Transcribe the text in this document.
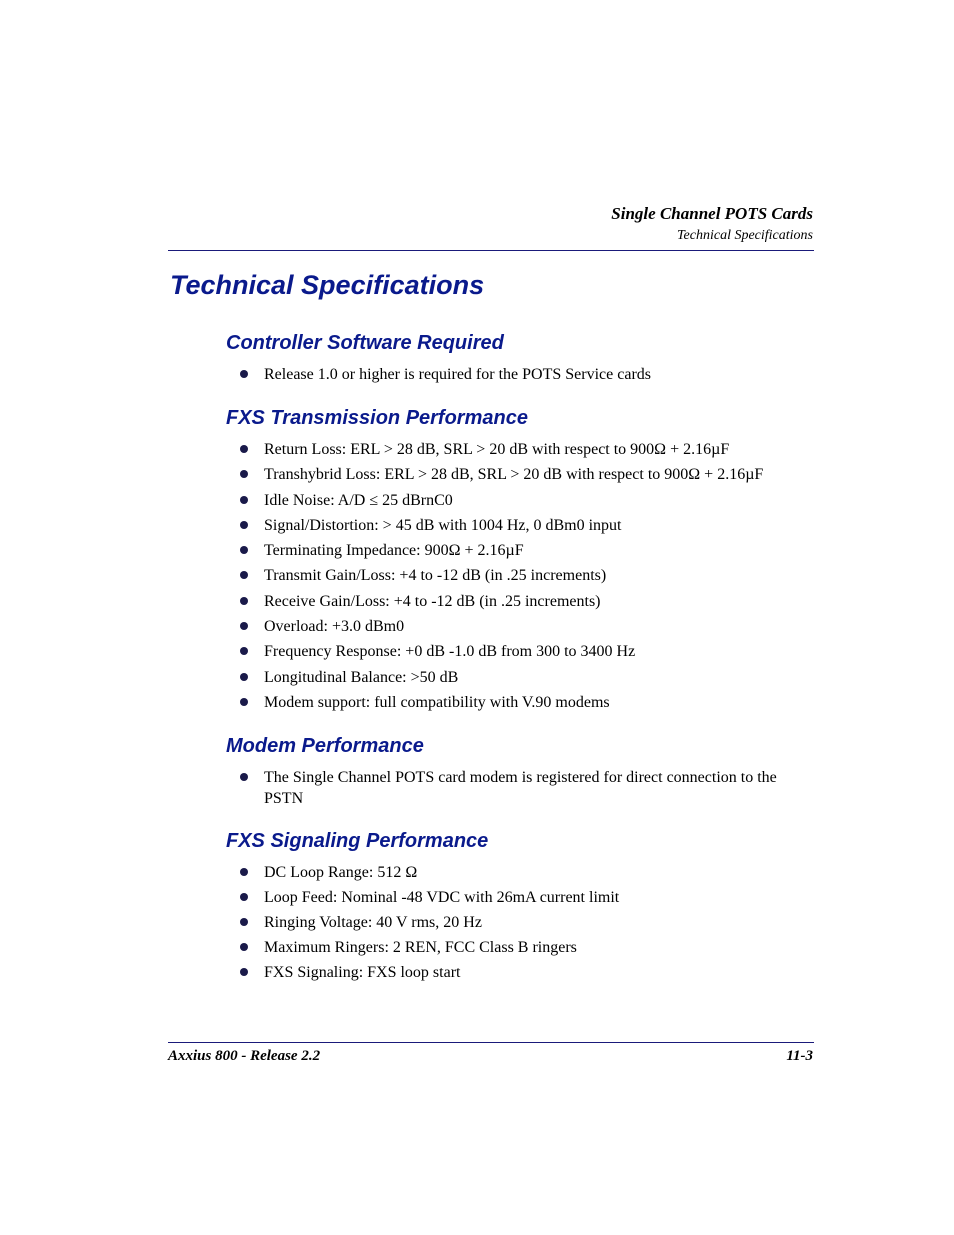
Single Channel POTS Cards
Technical Specifications
Technical Specifications
Controller Software Required
Release 1.0 or higher is required for the POTS Service cards
FXS Transmission Performance
Return Loss: ERL > 28 dB, SRL > 20 dB with respect to 900Ω + 2.16µF
Transhybrid Loss: ERL > 28 dB, SRL > 20 dB with respect to 900Ω + 2.16µF
Idle Noise: A/D ≤ 25 dBrnC0
Signal/Distortion: > 45 dB with 1004 Hz, 0 dBm0 input
Terminating Impedance: 900Ω + 2.16µF
Transmit Gain/Loss: +4 to -12 dB (in .25 increments)
Receive Gain/Loss: +4 to -12 dB (in .25 increments)
Overload: +3.0 dBm0
Frequency Response: +0 dB -1.0 dB from 300 to 3400 Hz
Longitudinal Balance: >50 dB
Modem support: full compatibility with V.90 modems
Modem Performance
The Single Channel POTS card modem is registered for direct connection to the PSTN
FXS Signaling Performance
DC Loop Range: 512 Ω
Loop Feed: Nominal -48 VDC with 26mA current limit
Ringing Voltage: 40 V rms, 20 Hz
Maximum Ringers: 2 REN, FCC Class B ringers
FXS Signaling: FXS loop start
Axxius 800 - Release 2.2	11-3
